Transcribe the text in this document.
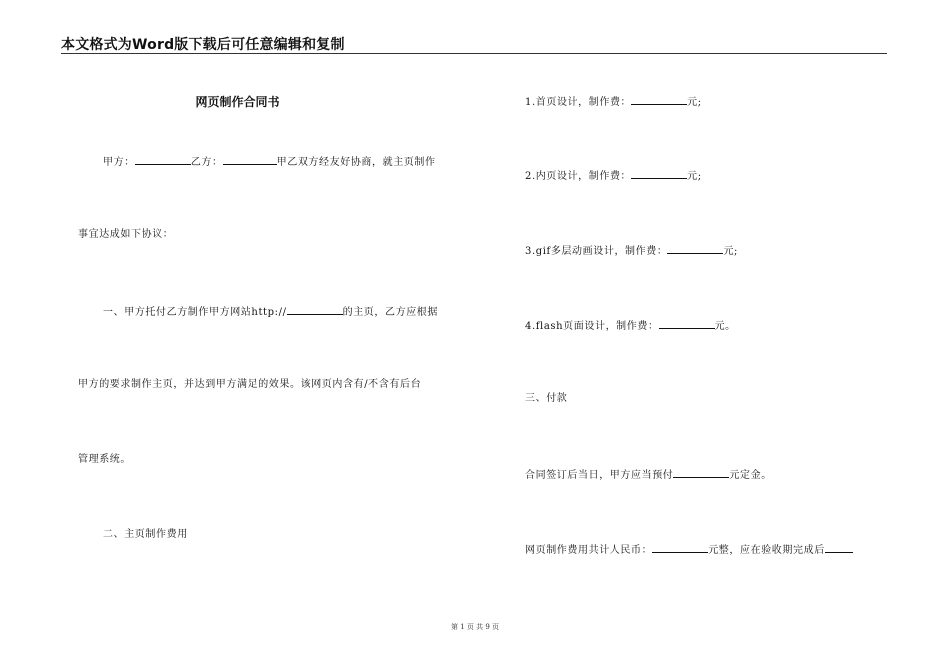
本文格式为Word版下载后可任意编辑和复制
网页制作合同书
甲方：	乙方：	甲乙双方经友好协商，就主页制作
事宜达成如下协议：
一、甲方托付乙方制作甲方网站http://	的主页，乙方应根据
甲方的要求制作主页，并达到甲方满足的效果。该网页内含有/不含有后台
管理系统。
二、主页制作费用
1.首页设计，制作费：	元;
2.内页设计，制作费：	元;
3.gif多层动画设计，制作费：	元;
4.flash页面设计，制作费：	元。
三、付款
合同签订后当日，甲方应当预付	元定金。
网页制作费用共计人民币：	元整，应在验收期完成后
第 1 页 共 9 页
